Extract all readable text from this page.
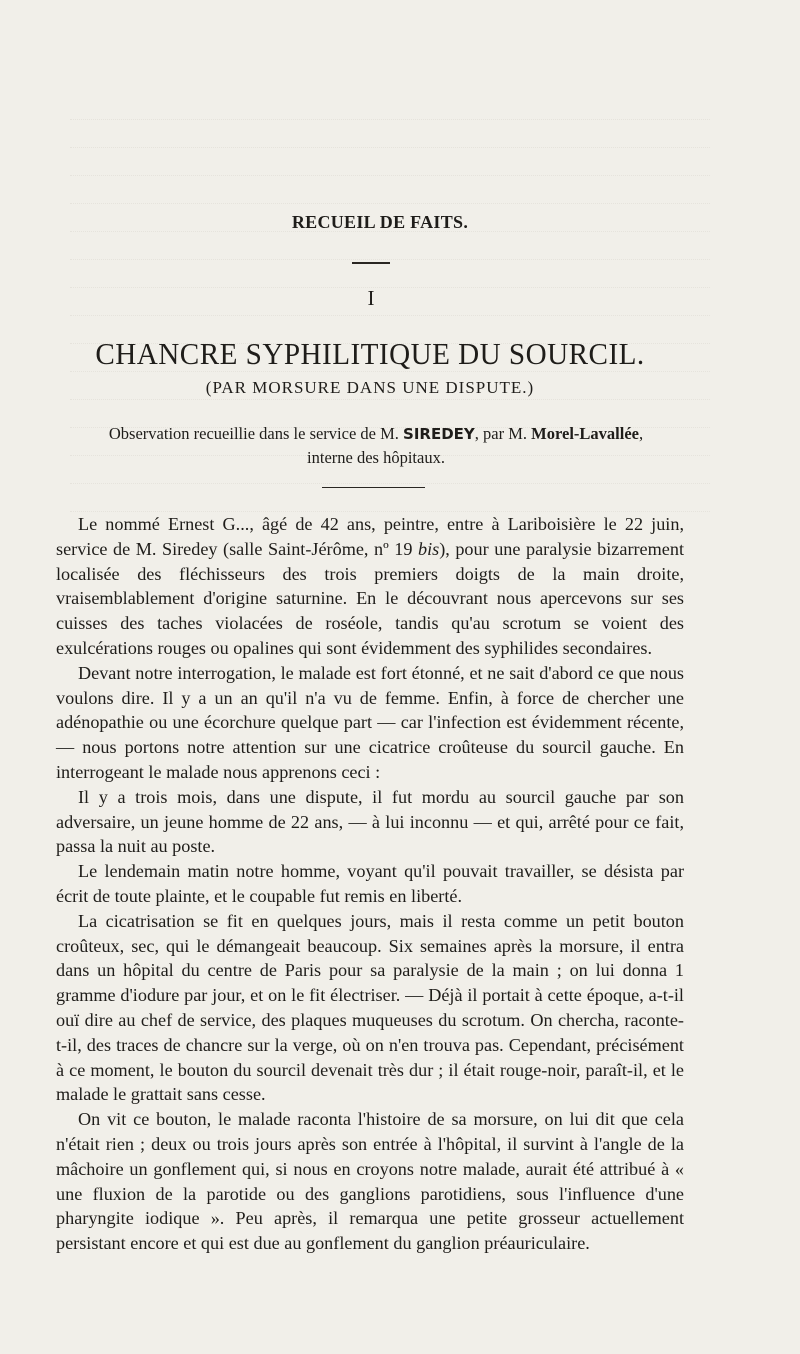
RECUEIL DE FAITS.
I
CHANCRE SYPHILITIQUE DU SOURCIL.
(PAR MORSURE DANS UNE DISPUTE.)
Observation recueillie dans le service de M. SIREDEY, par M. Morel-Lavallée,
interne des hôpitaux.

Le nommé Ernest G..., âgé de 42 ans, peintre, entre à Lariboisière le 22 juin, service de M. Siredey (salle Saint-Jérôme, nº 19 bis), pour une paralysie bizarrement localisée des fléchisseurs des trois premiers doigts de la main droite, vraisemblablement d'origine saturnine. En le découvrant nous apercevons sur ses cuisses des taches violacées de roséole, tandis qu'au scrotum se voient des exulcérations rouges ou opalines qui sont évidemment des syphilides secondaires.

Devant notre interrogation, le malade est fort étonné, et ne sait d'abord ce que nous voulons dire. Il y a un an qu'il n'a vu de femme. Enfin, à force de chercher une adénopathie ou une écorchure quelque part — car l'infection est évidemment récente, — nous portons notre attention sur une cicatrice croûteuse du sourcil gauche. En interrogeant le malade nous apprenons ceci :

Il y a trois mois, dans une dispute, il fut mordu au sourcil gauche par son adversaire, un jeune homme de 22 ans, — à lui inconnu — et qui, arrêté pour ce fait, passa la nuit au poste.

Le lendemain matin notre homme, voyant qu'il pouvait travailler, se désista par écrit de toute plainte, et le coupable fut remis en liberté.

La cicatrisation se fit en quelques jours, mais il resta comme un petit bouton croûteux, sec, qui le démangeait beaucoup. Six semaines après la morsure, il entra dans un hôpital du centre de Paris pour sa paralysie de la main ; on lui donna 1 gramme d'iodure par jour, et on le fit électriser. — Déjà il portait à cette époque, a-t-il ouï dire au chef de service, des plaques muqueuses du scrotum. On chercha, raconte-t-il, des traces de chancre sur la verge, où on n'en trouva pas. Cependant, précisément à ce moment, le bouton du sourcil devenait très dur ; il était rouge-noir, paraît-il, et le malade le grattait sans cesse.

On vit ce bouton, le malade raconta l'histoire de sa morsure, on lui dit que cela n'était rien ; deux ou trois jours après son entrée à l'hôpital, il survint à l'angle de la mâchoire un gonflement qui, si nous en croyons notre malade, aurait été attribué à « une fluxion de la parotide ou des ganglions parotidiens, sous l'influence d'une pharyngite iodique ». Peu après, il remarqua une petite grosseur actuellement persistant encore et qui est due au gonflement du ganglion préauriculaire.
